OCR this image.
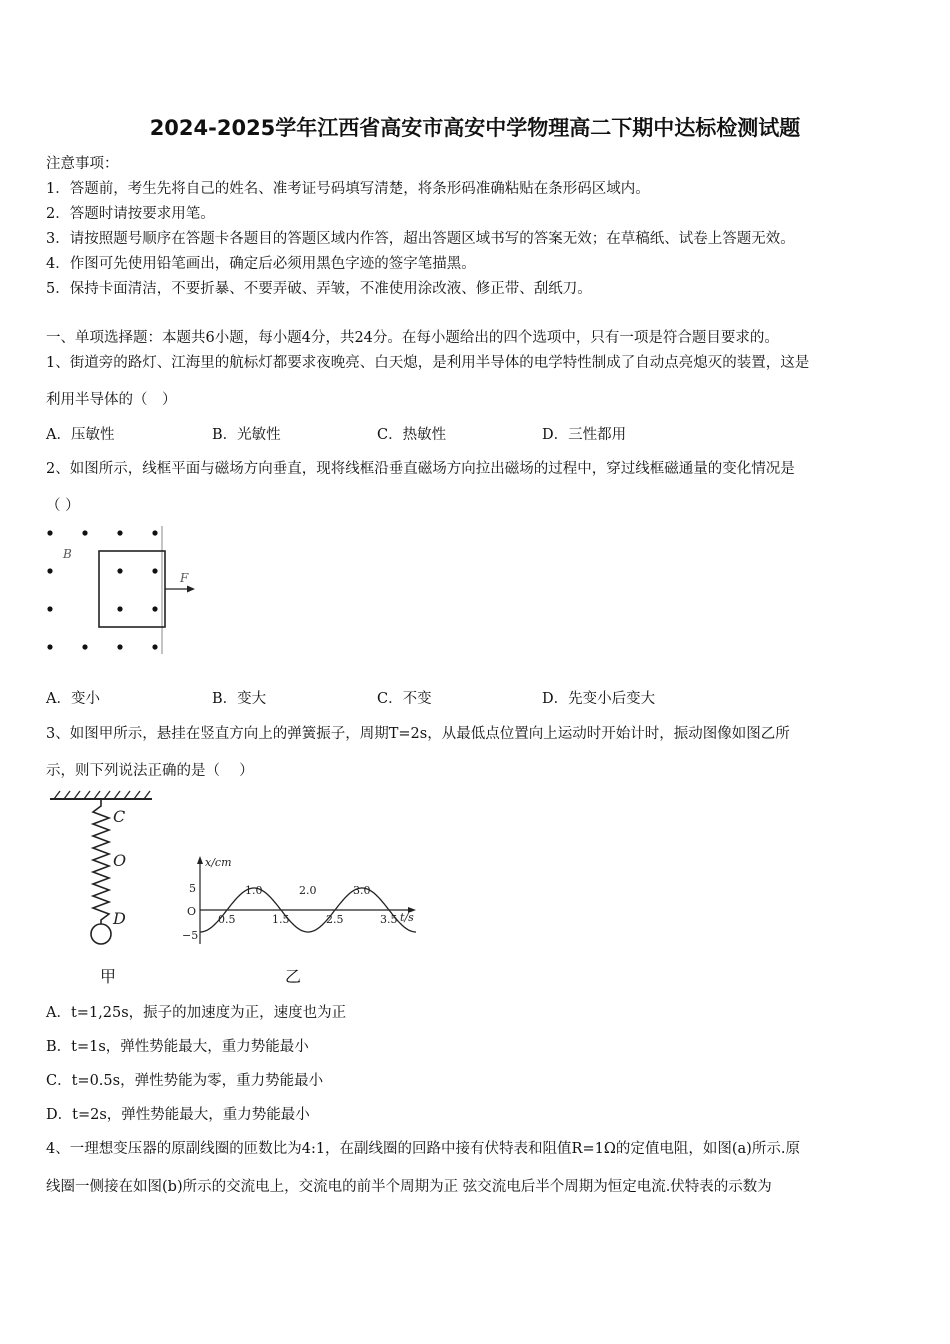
2024-2025学年江西省高安市高安中学物理高二下期中达标检测试题
注意事项：
1．答题前，考生先将自己的姓名、准考证号码填写清楚，将条形码准确粘贴在条形码区域内。
2．答题时请按要求用笔。
3．请按照题号顺序在答题卡各题目的答题区域内作答，超出答题区域书写的答案无效；在草稿纸、试卷上答题无效。
4．作图可先使用铅笔画出，确定后必须用黑色字迹的签字笔描黑。
5．保持卡面清洁，不要折暴、不要弄破、弄皱，不准使用涂改液、修正带、刮纸刀。
一、单项选择题：本题共6小题，每小题4分，共24分。在每小题给出的四个选项中，只有一项是符合题目要求的。
1、街道旁的路灯、江海里的航标灯都要求夜晚亮、白天熄，是利用半导体的电学特性制成了自动点亮熄灭的装置，这是
利用半导体的（　）
A．压敏性	B．光敏性	C．热敏性	D．三性都用
2、如图所示，线框平面与磁场方向垂直，现将线框沿垂直磁场方向拉出磁场的过程中，穿过线框磁通量的变化情况是
（ ）
B
F
A．变小	B．变大	C．不变	D．先变小后变大
3、如图甲所示，悬挂在竖直方向上的弹簧振子，周期T=2s，从最低点位置向上运动时开始计时，振动图像如图乙所
示，则下列说法正确的是（　 ）
C
O
D
甲	乙
x/cm
t/s
5
O
−5
0.5
1.0
1.5
2.0
2.5
3.0
3.5
A．t=1,25s，振子的加速度为正，速度也为正
B．t=1s，弹性势能最大，重力势能最小
C．t=0.5s，弹性势能为零，重力势能最小
D．t=2s，弹性势能最大，重力势能最小
4、一理想变压器的原副线圈的匝数比为4:1，在副线圈的回路中接有伏特表和阻值R=1Ω的定值电阻，如图(a)所示.原
线圈一侧接在如图(b)所示的交流电上，交流电的前半个周期为正 弦交流电后半个周期为恒定电流.伏特表的示数为
